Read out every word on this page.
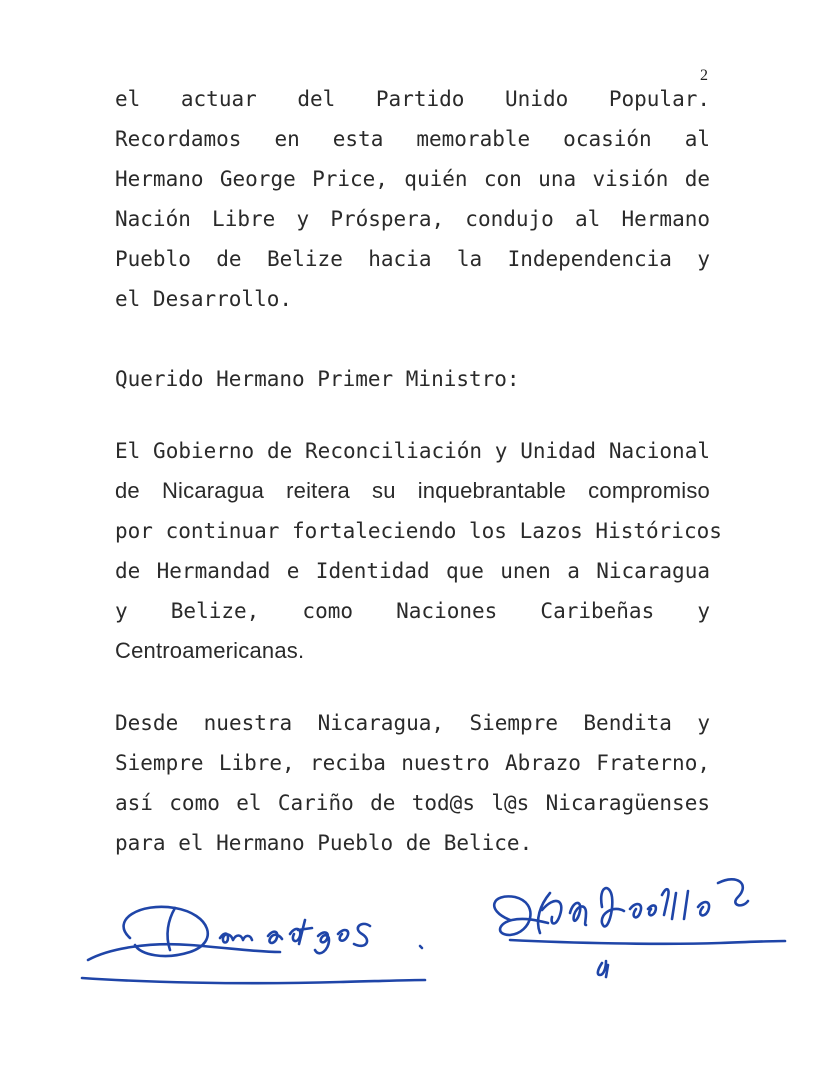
2
el actuar del Partido Unido Popular.
Recordamos en esta memorable ocasión al
Hermano George Price, quién con una visión de
Nación Libre y Próspera, condujo al Hermano
Pueblo de Belize hacia la Independencia y
el Desarrollo.
Querido Hermano Primer Ministro:
El Gobierno de Reconciliación y Unidad Nacional
de Nicaragua reitera su inquebrantable compromiso
por continuar fortaleciendo los Lazos Históricos
de Hermandad e Identidad que unen a Nicaragua
y Belize, como Naciones Caribeñas y
Centroamericanas.
Desde nuestra Nicaragua, Siempre Bendita y
Siempre Libre, reciba nuestro Abrazo Fraterno,
así como el Cariño de tod@s l@s Nicaragüenses
para el Hermano Pueblo de Belice.
